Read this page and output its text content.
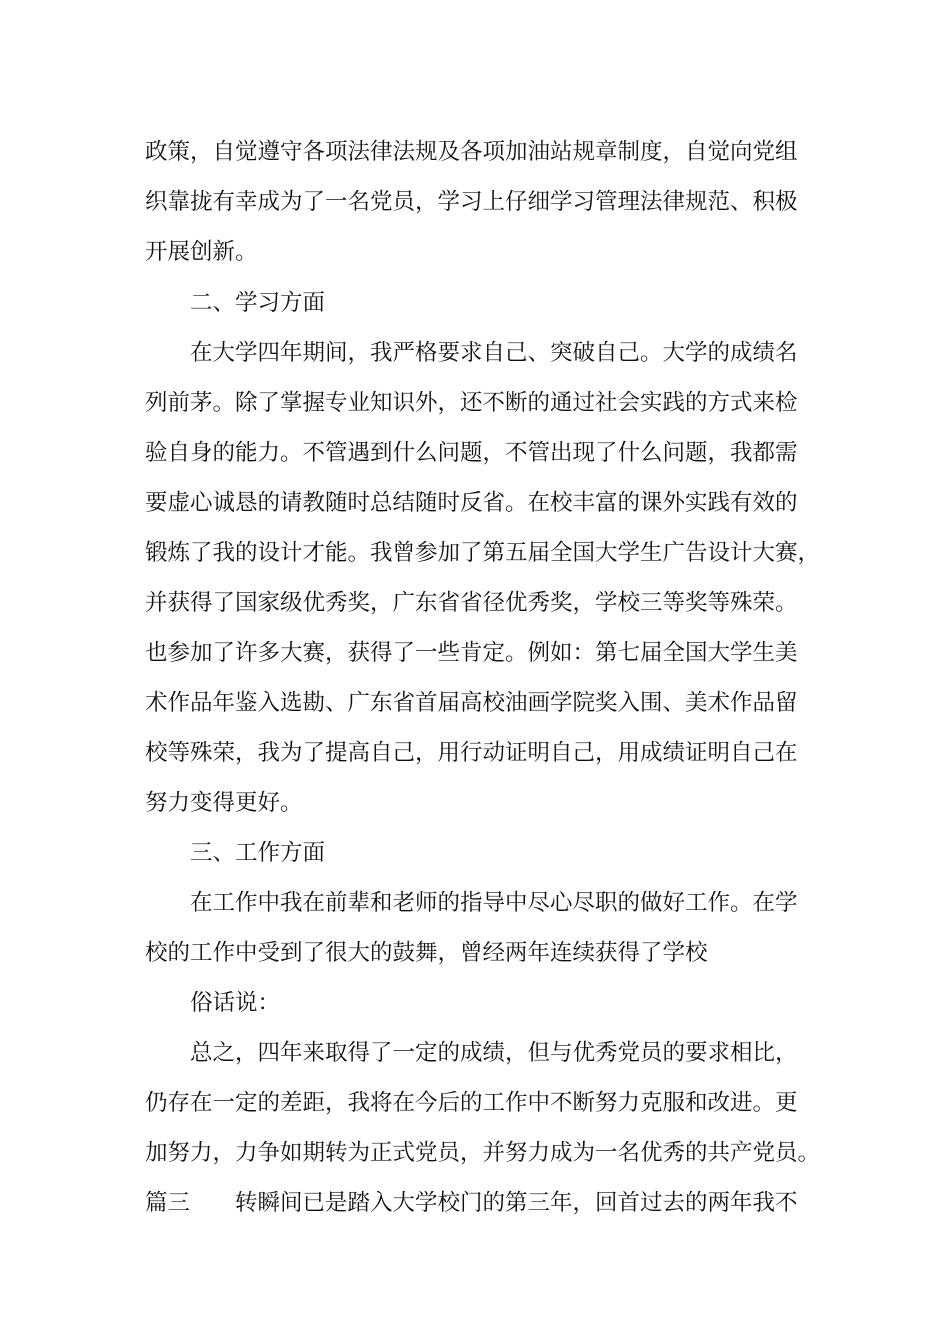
政策，自觉遵守各项法律法规及各项加油站规章制度，自觉向党组
织靠拢有幸成为了一名党员，学习上仔细学习管理法律规范、积极
开展创新。
二、学习方面
在大学四年期间，我严格要求自己、突破自己。大学的成绩名
列前茅。除了掌握专业知识外，还不断的通过社会实践的方式来检
验自身的能力。不管遇到什么问题，不管出现了什么问题，我都需
要虚心诚恳的请教随时总结随时反省。在校丰富的课外实践有效的
锻炼了我的设计才能。我曾参加了第五届全国大学生广告设计大赛，
并获得了国家级优秀奖，广东省省径优秀奖，学校三等奖等殊荣。
也参加了许多大赛，获得了一些肯定。例如：第七届全国大学生美
术作品年鉴入选勘、广东省首届高校油画学院奖入围、美术作品留
校等殊荣，我为了提高自己，用行动证明自己，用成绩证明自己在
努力变得更好。
三、工作方面
在工作中我在前辈和老师的指导中尽心尽职的做好工作。在学
校的工作中受到了很大的鼓舞，曾经两年连续获得了学校
俗话说：
总之，四年来取得了一定的成绩，但与优秀党员的要求相比，
仍存在一定的差距，我将在今后的工作中不断努力克服和改进。更
加努力，力争如期转为正式党员，并努力成为一名优秀的共产党员。
篇三 转瞬间已是踏入大学校门的第三年，回首过去的两年我不
